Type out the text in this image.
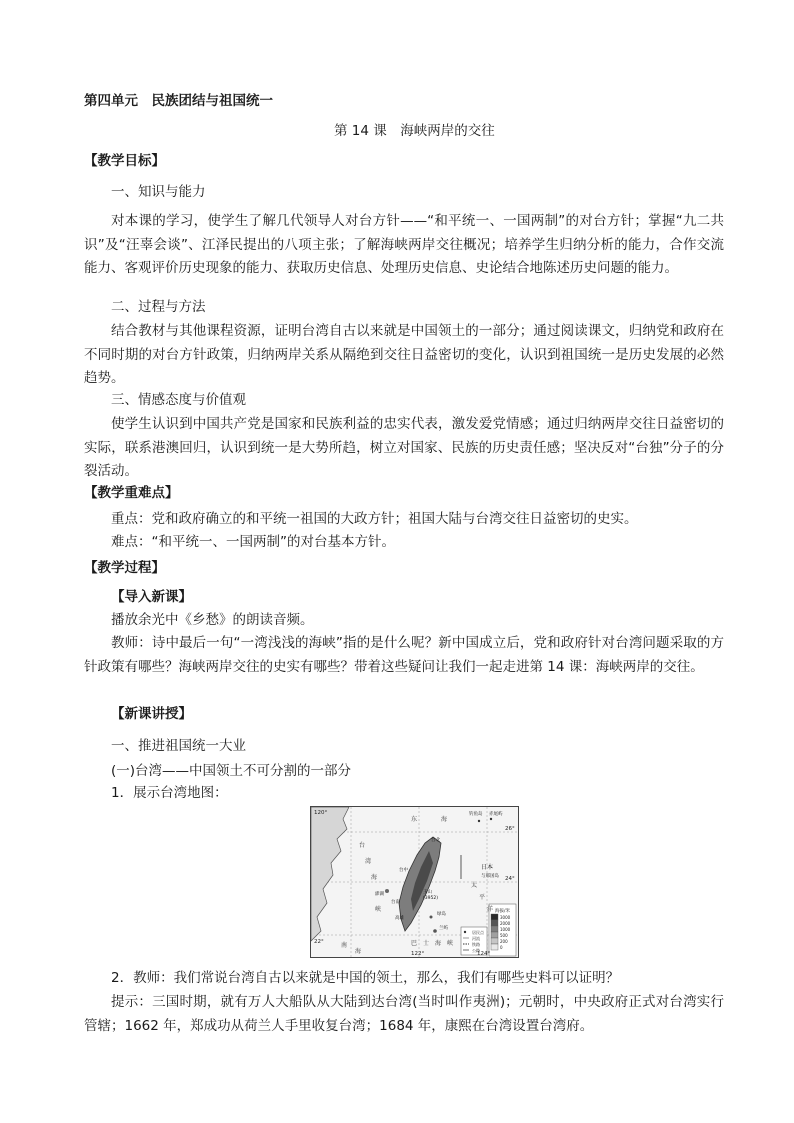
第四单元　民族团结与祖国统一
第 14 课　海峡两岸的交往
【教学目标】
一、知识与能力
对本课的学习，使学生了解几代领导人对台方针——“和平统一、一国两制”的对台方针；掌握“九二共识”及“汪辜会谈”、江泽民提出的八项主张；了解海峡两岸交往概况；培养学生归纳分析的能力，合作交流能力、客观评价历史现象的能力、获取历史信息、处理历史信息、史论结合地陈述历史问题的能力。
二、过程与方法
结合教材与其他课程资源，证明台湾自古以来就是中国领土的一部分；通过阅读课文，归纳党和政府在不同时期的对台方针政策，归纳两岸关系从隔绝到交往日益密切的变化，认识到祖国统一是历史发展的必然趋势。
三、情感态度与价值观
使学生认识到中国共产党是国家和民族利益的忠实代表，激发爱党情感；通过归纳两岸交往日益密切的实际，联系港澳回归，认识到统一是大势所趋，树立对国家、民族的历史责任感；坚决反对“台独”分子的分裂活动。
【教学重难点】
重点：党和政府确立的和平统一祖国的大政方针；祖国大陆与台湾交往日益密切的史实。
难点：“和平统一、一国两制”的对台基本方针。
【教学过程】
【导入新课】
播放余光中《乡愁》的朗读音频。
教师：诗中最后一句“一湾浅浅的海峡”指的是什么呢？新中国成立后，党和政府针对台湾问题采取的方针政策有哪些？海峡两岸交往的史实有哪些？带着这些疑问让我们一起走进第 14 课：海峡两岸的交往。
【新课讲授】
一、推进祖国统一大业
(一)台湾——中国领土不可分割的一部分
1．展示台湾地图：
120°
122°	124°
26°
24°
22°
海拔/米
3000
2000
1000
500
200
0
居民点
河流
铁路
公路
东	海
台
湾
海
峡
太
平
洋
巴 士 海 峡
南
海
台北
台中
台南
高雄
玉山
钓鱼岛 赤尾屿
日本
与那国岛
澎湖
绿岛
兰屿
(3952)
2．教师：我们常说台湾自古以来就是中国的领土，那么，我们有哪些史料可以证明？
提示：三国时期，就有万人大船队从大陆到达台湾(当时叫作夷洲)；元朝时，中央政府正式对台湾实行管辖；1662 年，郑成功从荷兰人手里收复台湾；1684 年，康熙在台湾设置台湾府。
